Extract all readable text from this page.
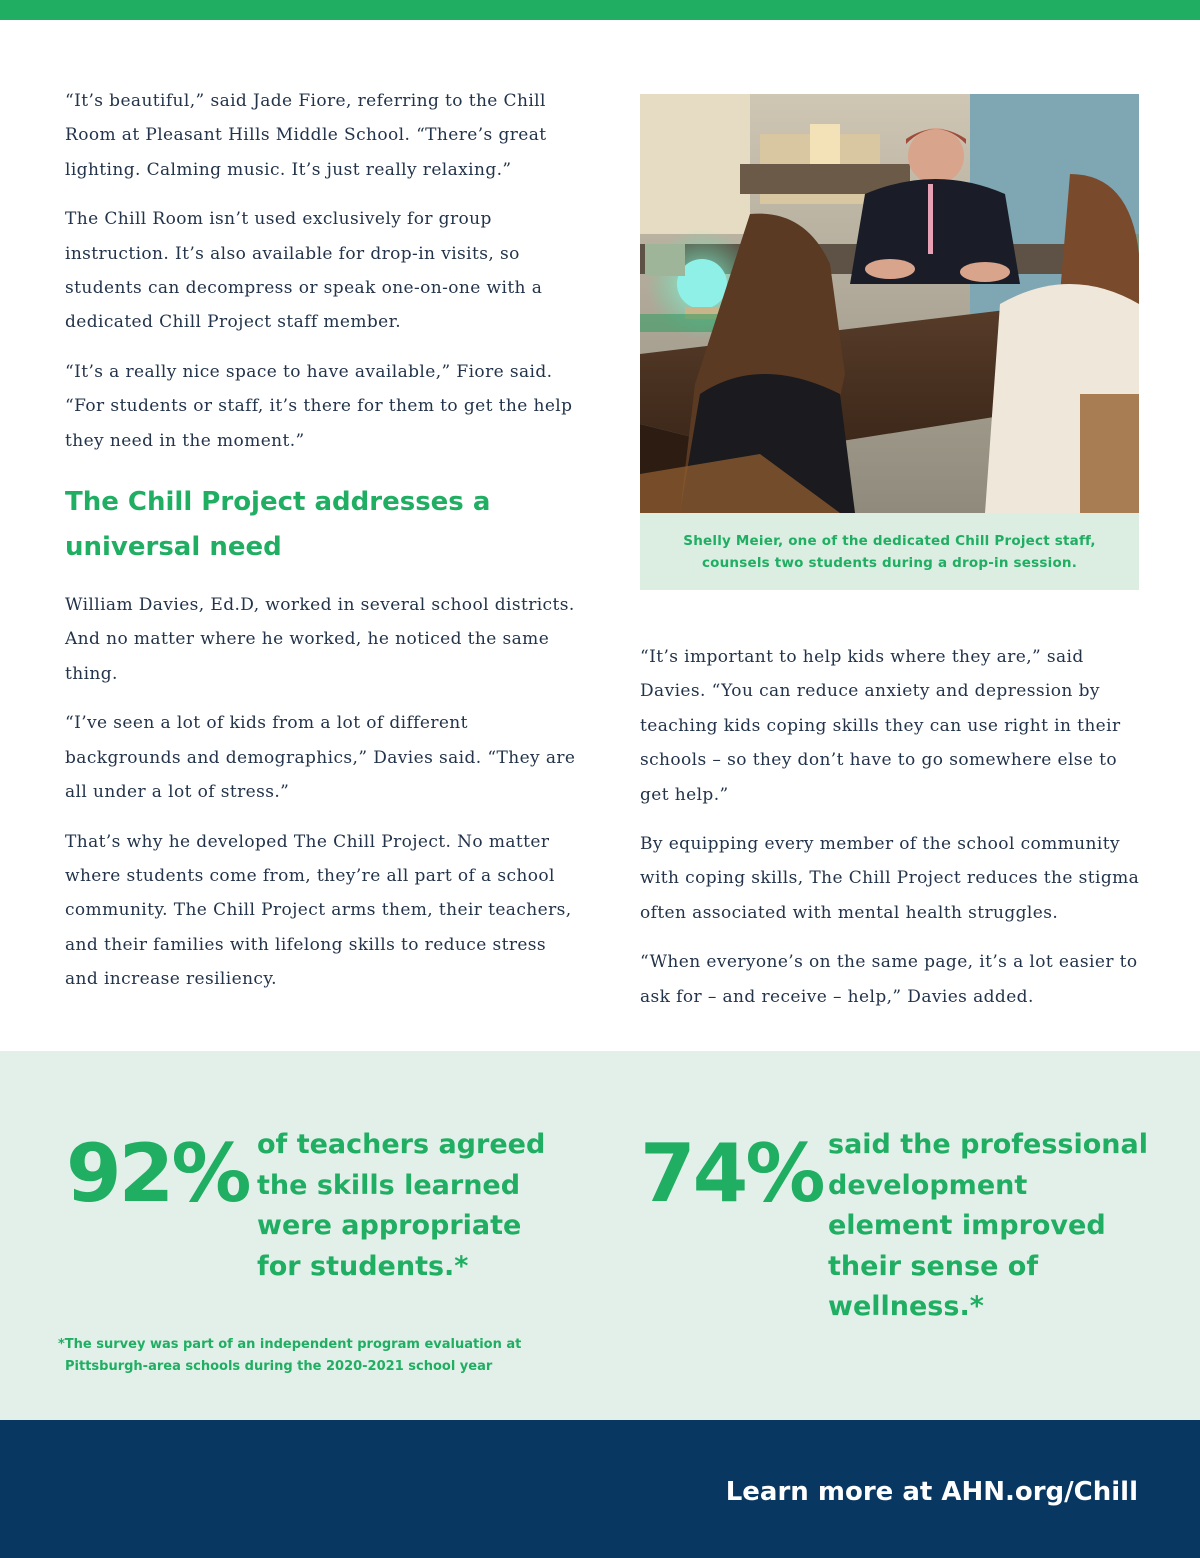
“It’s beautiful,” said Jade Fiore, referring to the Chill Room at Pleasant Hills Middle School. “There’s great lighting. Calming music. It’s just really relaxing.”

The Chill Room isn’t used exclusively for group instruction. It’s also available for drop-in visits, so students can decompress or speak one-on-one with a dedicated Chill Project staff member.

“It’s a really nice space to have available,” Fiore said. “For students or staff, it’s there for them to get the help they need in the moment.”

The Chill Project addresses a universal need

William Davies, Ed.D, worked in several school districts. And no matter where he worked, he noticed the same thing.

“I’ve seen a lot of kids from a lot of different backgrounds and demographics,” Davies said. “They are all under a lot of stress.”

That’s why he developed The Chill Project. No matter where students come from, they’re all part of a school community. The Chill Project arms them, their teachers, and their families with lifelong skills to reduce stress and increase resiliency.

Shelly Meier, one of the dedicated Chill Project staff, counsels two students during a drop-in session.

“It’s important to help kids where they are,” said Davies. “You can reduce anxiety and depression by teaching kids coping skills they can use right in their schools – so they don’t have to go somewhere else to get help.”

By equipping every member of the school community with coping skills, The Chill Project reduces the stigma often associated with mental health struggles.

“When everyone’s on the same page, it’s a lot easier to ask for – and receive – help,” Davies added.

92% of teachers agreed the skills learned were appropriate for students.*
74% said the professional development element improved their sense of wellness.*
*The survey was part of an independent program evaluation at
Pittsburgh-area schools during the 2020-2021 school year
Learn more at AHN.org/Chill
